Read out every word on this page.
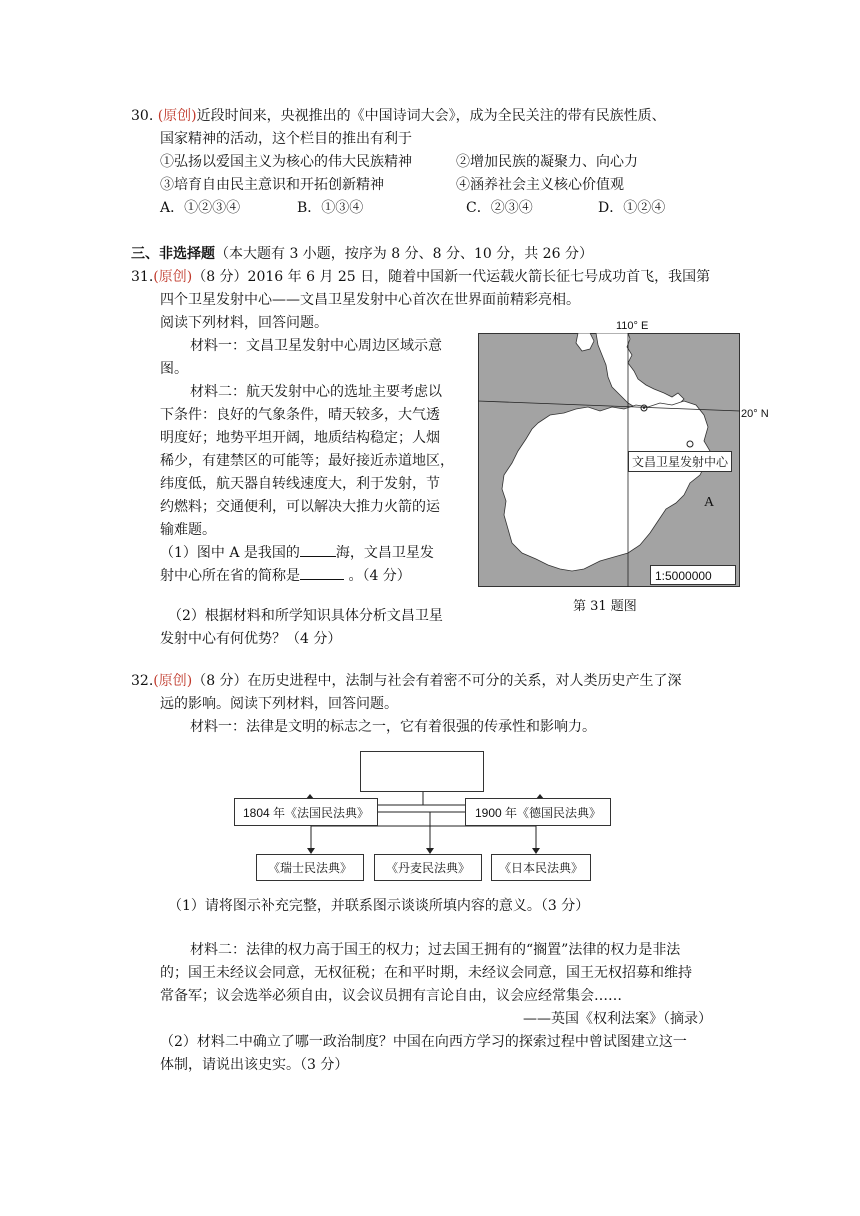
30. (原创)近段时间来，央视推出的《中国诗词大会》，成为全民关注的带有民族性质、
国家精神的活动，这个栏目的推出有利于
①弘扬以爱国主义为核心的伟大民族精神	②增加民族的凝聚力、向心力
③培育自由民主意识和开拓创新精神	④涵养社会主义核心价值观
A．①②③④	B．①③④	C．②③④	D．①②④
三、非选择题（本大题有 3 小题，按序为 8 分、8 分、10 分，共 26 分）
31.(原创)（8 分）2016 年 6 月 25 日，随着中国新一代运载火箭长征七号成功首飞，我国第
四个卫星发射中心——文昌卫星发射中心首次在世界面前精彩亮相。
阅读下列材料，回答问题。
材料一：文昌卫星发射中心周边区域示意
图。
材料二：航天发射中心的选址主要考虑以
下条件：良好的气象条件，晴天较多，大气透
明度好；地势平坦开阔，地质结构稳定；人烟
稀少，有建禁区的可能等；最好接近赤道地区，
纬度低，航天器自转线速度大，利于发射，节
约燃料；交通便利，可以解决大推力火箭的运
输难题。
（1）图中 A 是我国的	海，文昌卫星发
射中心所在省的简称是	。（4 分）
（2）根据材料和所学知识具体分析文昌卫星
发射中心有何优势？（4 分）
110° E
文昌卫星发射中心
A
1:5000000
20° N
第 31 题图
32.(原创)（8 分）在历史进程中，法制与社会有着密不可分的关系，对人类历史产生了深
远的影响。阅读下列材料，回答问题。
材料一：法律是文明的标志之一，它有着很强的传承性和影响力。
1804 年《法国民法典》	1900 年《德国民法典》
《瑞士民法典》	《丹麦民法典》	《日本民法典》
（1）请将图示补充完整，并联系图示谈谈所填内容的意义。（3 分）
材料二：法律的权力高于国王的权力；过去国王拥有的“搁置”法律的权力是非法
的；国王未经议会同意，无权征税；在和平时期，未经议会同意，国王无权招募和维持
常备军；议会选举必须自由，议会议员拥有言论自由，议会应经常集会……
——英国《权利法案》（摘录）
（2）材料二中确立了哪一政治制度？中国在向西方学习的探索过程中曾试图建立这一
体制，请说出该史实。（3 分）
